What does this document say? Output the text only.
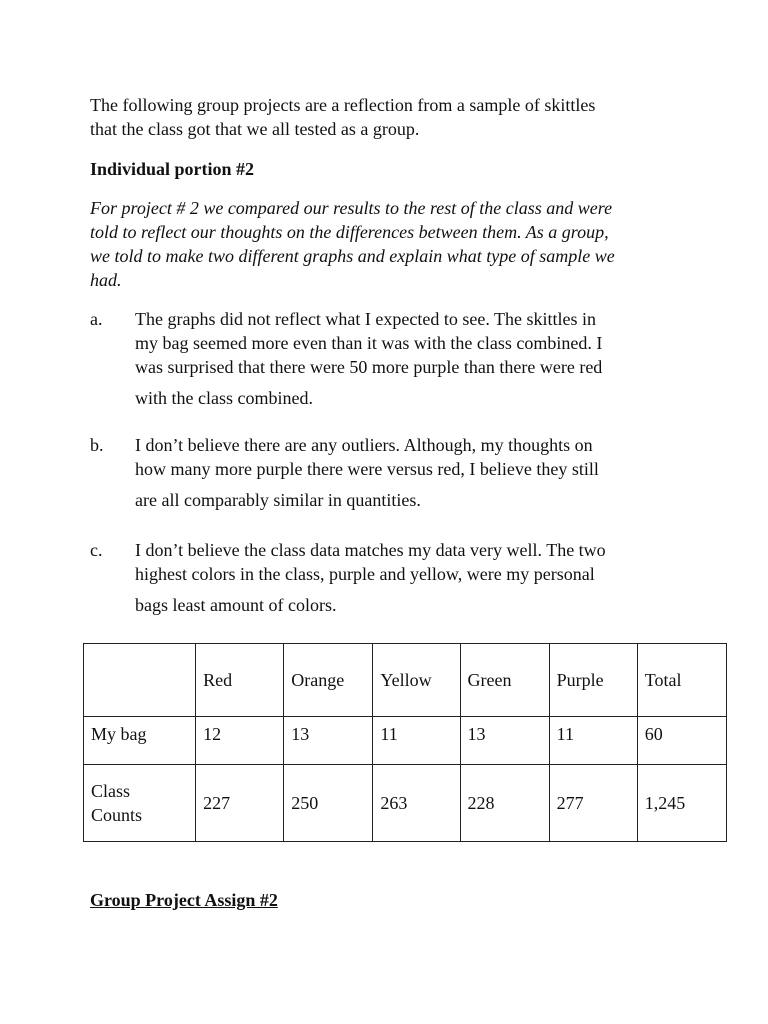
The following group projects are a reflection from a sample of skittles
that the class got that we all tested as a group.

Individual portion #2

For project # 2 we compared our results to the rest of the class and were
told to reflect our thoughts on the differences between them. As a group,
we told to make two different graphs and explain what type of sample we
had.

a. The graphs did not reflect what I expected to see. The skittles in
my bag seemed more even than it was with the class combined. I
was surprised that there were 50 more purple than there were red
with the class combined.
b. I don’t believe there are any outliers. Although, my thoughts on
how many more purple there were versus red, I believe they still
are all comparably similar in quantities.
c. I don’t believe the class data matches my data very well. The two
highest colors in the class, purple and yellow, were my personal
bags least amount of colors.
	Red	Orange	Yellow	Green	Purple	Total
My bag	12	13	11	13	11	60
Class
Counts	227	250	263	228	277	1,245

Group Project Assign #2
